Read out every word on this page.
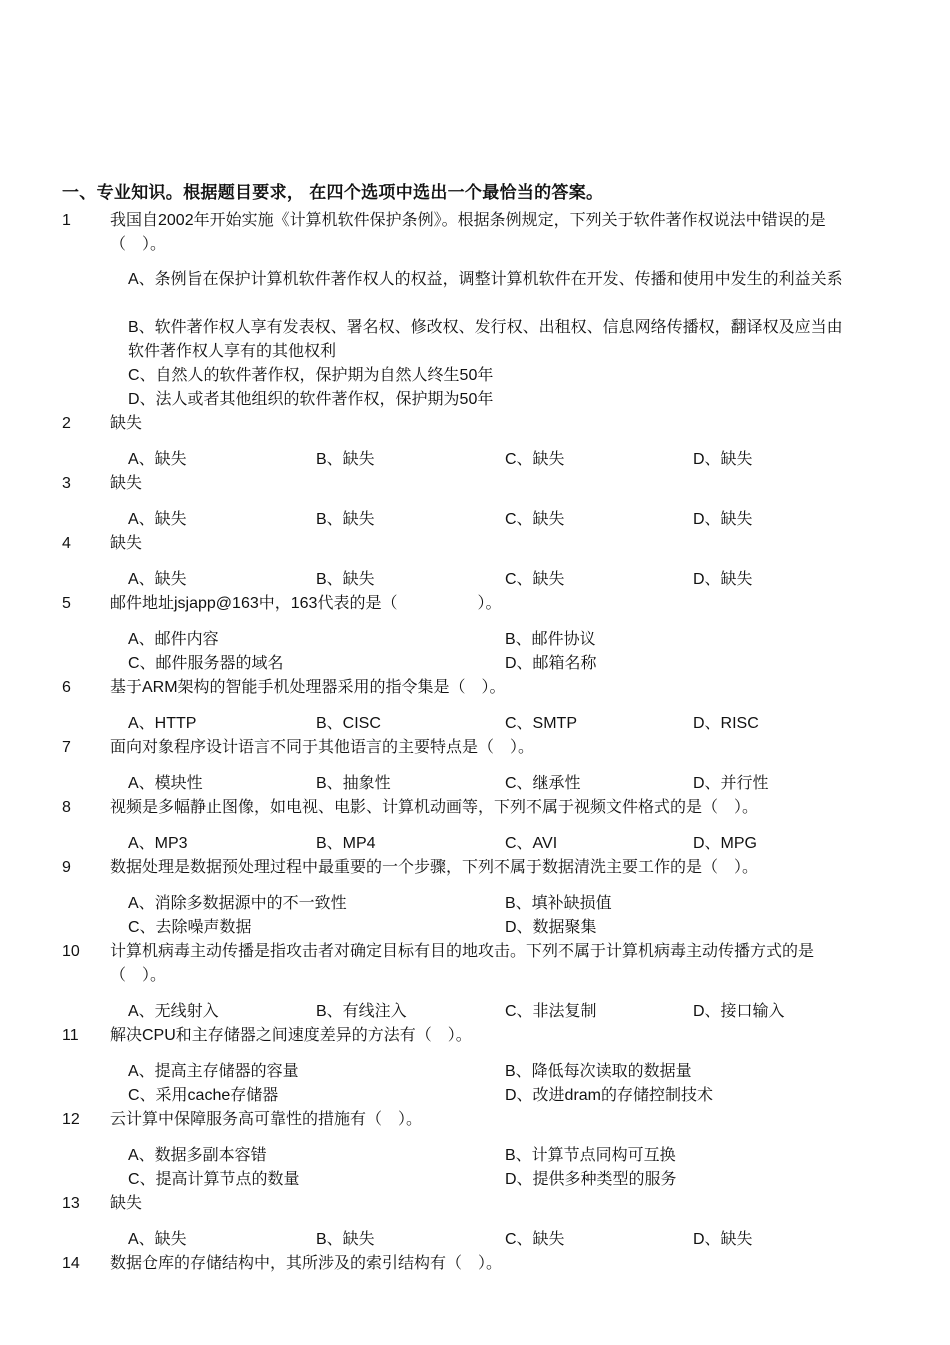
一、专业知识。根据题目要求， 在四个选项中选出一个最恰当的答案。
1 我国自2002年开始实施《计算机软件保护条例》。根据条例规定，下列关于软件著作权说法中错误的是（　）。
A、条例旨在保护计算机软件著作权人的权益，调整计算机软件在开发、传播和使用中发生的利益关系
B、软件著作权人享有发表权、署名权、修改权、发行权、出租权、信息网络传播权，翻译权及应当由软件著作权人享有的其他权利
C、自然人的软件著作权，保护期为自然人终生50年
D、法人或者其他组织的软件著作权，保护期为50年
2 缺失
A、缺失	B、缺失	C、缺失	D、缺失
3 缺失
A、缺失	B、缺失	C、缺失	D、缺失
4 缺失
A、缺失	B、缺失	C、缺失	D、缺失
5 邮件地址jsjapp@163中，163代表的是（　　　　　）。
A、邮件内容	B、邮件协议
C、邮件服务器的域名	D、邮箱名称
6 基于ARM架构的智能手机处理器采用的指令集是（　）。
A、HTTP	B、CISC	C、SMTP	D、RISC
7 面向对象程序设计语言不同于其他语言的主要特点是（　）。
A、模块性	B、抽象性	C、继承性	D、并行性
8 视频是多幅静止图像，如电视、电影、计算机动画等，下列不属于视频文件格式的是（　）。
A、MP3	B、MP4	C、AVI	D、MPG
9 数据处理是数据预处理过程中最重要的一个步骤，下列不属于数据清洗主要工作的是（　）。
A、消除多数据源中的不一致性	B、填补缺损值
C、去除噪声数据	D、数据聚集
10 计算机病毒主动传播是指攻击者对确定目标有目的地攻击。下列不属于计算机病毒主动传播方式的是（　）。
A、无线射入	B、有线注入	C、非法复制	D、接口输入
11 解决CPU和主存储器之间速度差异的方法有（　）。
A、提高主存储器的容量	B、降低每次读取的数据量
C、采用cache存储器	D、改进dram的存储控制技术
12 云计算中保障服务高可靠性的措施有（　）。
A、数据多副本容错	B、计算节点同构可互换
C、提高计算节点的数量	D、提供多种类型的服务
13 缺失
A、缺失	B、缺失	C、缺失	D、缺失
14 数据仓库的存储结构中，其所涉及的索引结构有（　）。
